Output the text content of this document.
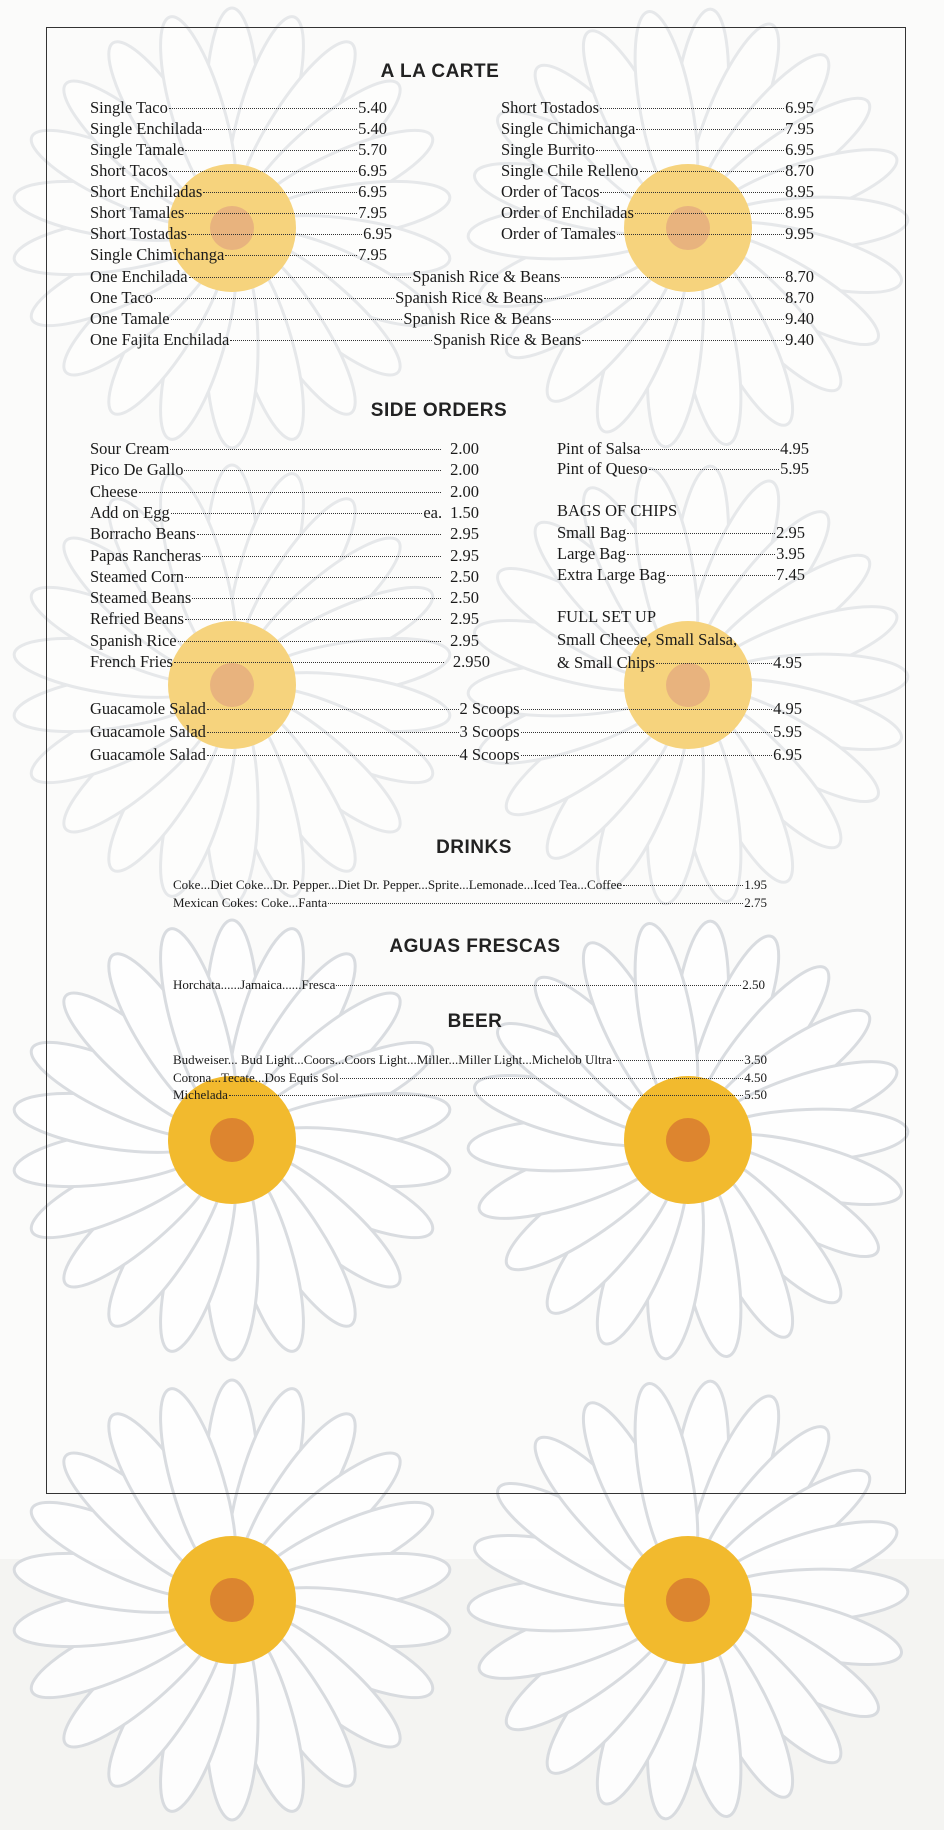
A LA CARTE
Single Taco	5.40
Single Enchilada	5.40
Single Tamale	5.70
Short Tacos	6.95
Short Enchiladas	6.95
Short Tamales	7.95
Short Tostadas	6.95
Single Chimichanga	7.95
Short Tostados	6.95
Single Chimichanga	7.95
Single Burrito	6.95
Single Chile Relleno	8.70
Order of Tacos	8.95
Order of Enchiladas	8.95
Order of Tamales	9.95
One Enchilada	Spanish Rice & Beans	8.70
One Taco	Spanish Rice & Beans	8.70
One Tamale	Spanish Rice & Beans	9.40
One Fajita Enchilada	Spanish Rice & Beans	9.40
SIDE ORDERS
Sour Cream	2.00
Pico De Gallo	2.00
Cheese	2.00
Add on Egg	ea. 1.50
Borracho Beans	2.95
Papas Rancheras	2.95
Steamed Corn	2.50
Steamed Beans	2.50
Refried Beans	2.95
Spanish Rice	2.95
French Fries	2.950
Pint of Salsa	4.95
Pint of Queso	5.95
BAGS OF CHIPS
Small Bag	2.95
Large Bag	3.95
Extra Large Bag	7.45
FULL SET UP
Small Cheese, Small Salsa,
& Small Chips	4.95
Guacamole Salad	2 Scoops	4.95
Guacamole Salad	3 Scoops	5.95
Guacamole Salad	4 Scoops	6.95
DRINKS
Coke...Diet Coke...Dr. Pepper...Diet Dr. Pepper...Sprite...Lemonade...Iced Tea...Coffee	1.95
Mexican Cokes: Coke...Fanta	2.75
AGUAS FRESCAS
Horchata......Jamaica......Fresca	2.50
BEER
Budweiser... Bud Light...Coors...Coors Light...Miller...Miller Light...Michelob Ultra	3.50
Corona...Tecate...Dos Equis Sol	4.50
Michelada	5.50
